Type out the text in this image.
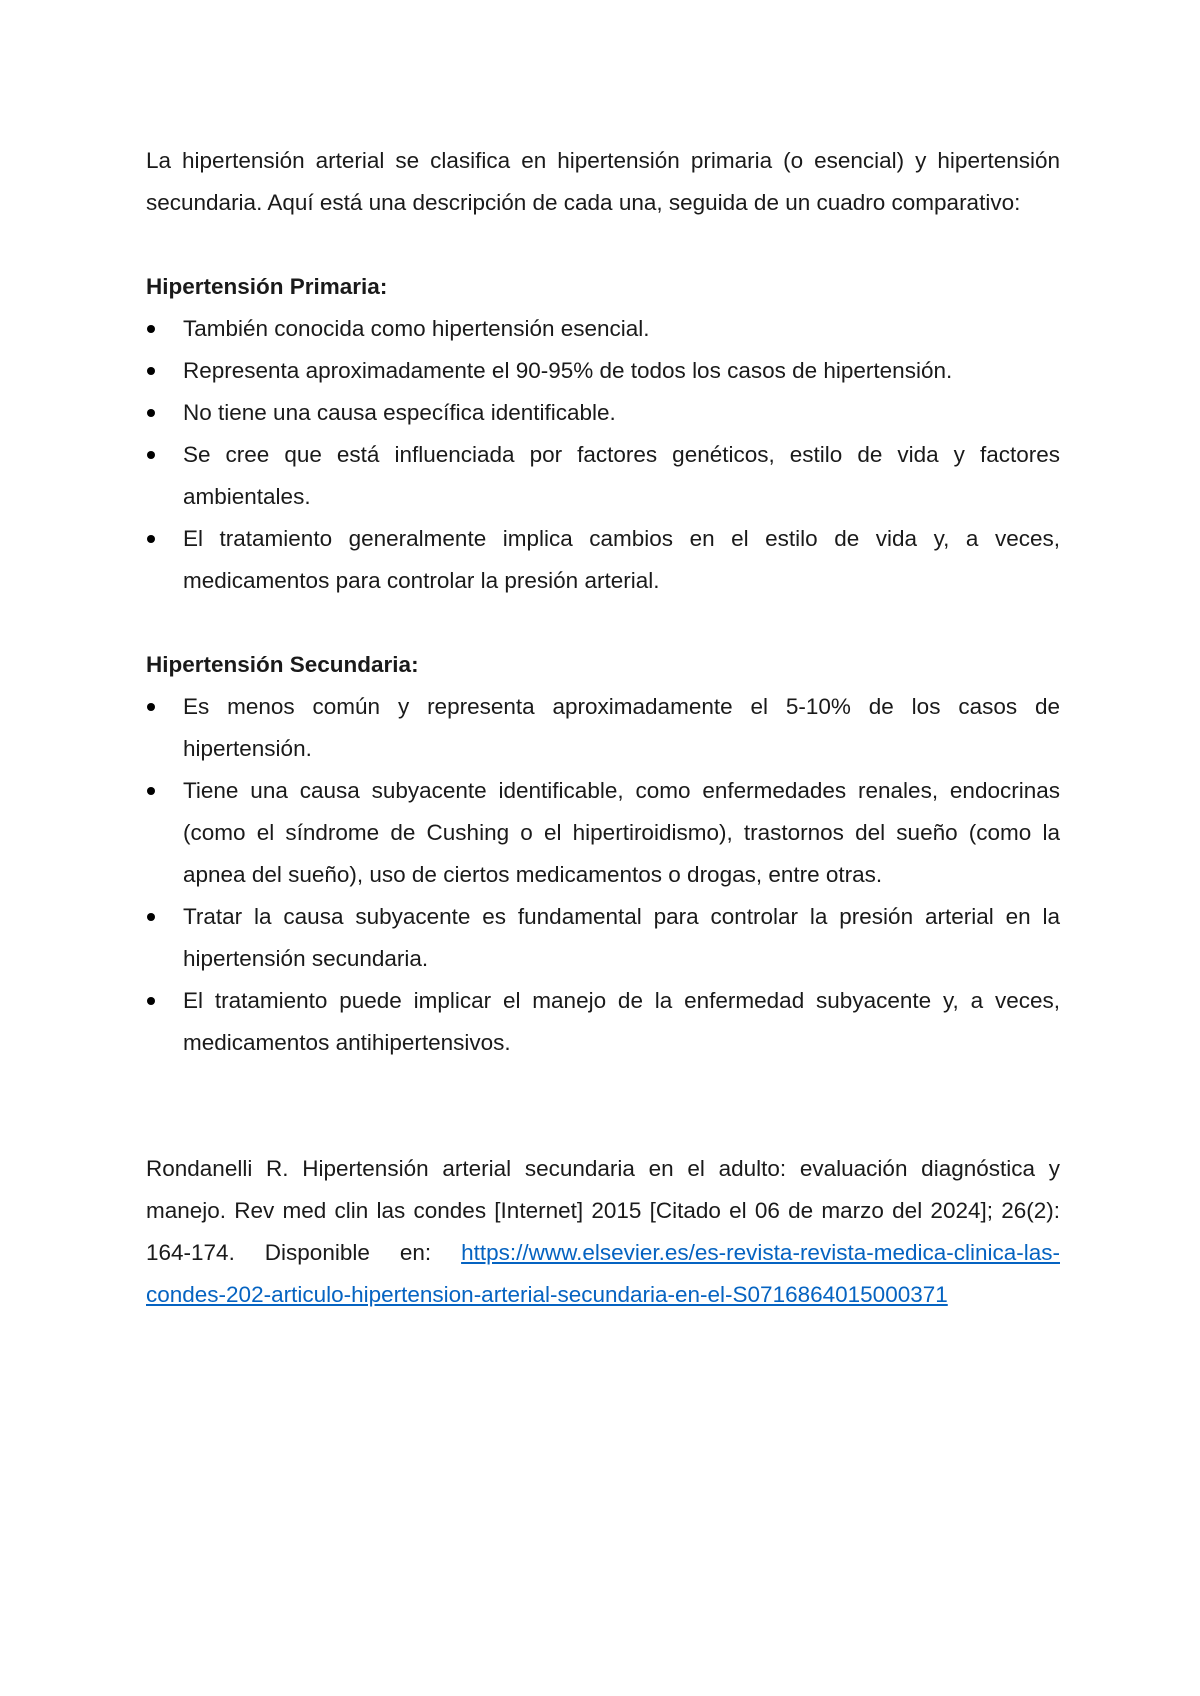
La hipertensión arterial se clasifica en hipertensión primaria (o esencial) y hipertensión secundaria. Aquí está una descripción de cada una, seguida de un cuadro comparativo:

Hipertensión Primaria:

También conocida como hipertensión esencial.
Representa aproximadamente el 90-95% de todos los casos de hipertensión.
No tiene una causa específica identificable.
Se cree que está influenciada por factores genéticos, estilo de vida y factores ambientales.
El tratamiento generalmente implica cambios en el estilo de vida y, a veces, medicamentos para controlar la presión arterial.

Hipertensión Secundaria:

Es menos común y representa aproximadamente el 5-10% de los casos de hipertensión.
Tiene una causa subyacente identificable, como enfermedades renales, endocrinas (como el síndrome de Cushing o el hipertiroidismo), trastornos del sueño (como la apnea del sueño), uso de ciertos medicamentos o drogas, entre otras.
Tratar la causa subyacente es fundamental para controlar la presión arterial en la hipertensión secundaria.
El tratamiento puede implicar el manejo de la enfermedad subyacente y, a veces, medicamentos antihipertensivos.

Rondanelli R. Hipertensión arterial secundaria en el adulto: evaluación diagnóstica y manejo. Rev med clin las condes [Internet] 2015 [Citado el 06 de marzo del 2024]; 26(2): 164-174. Disponible en: https://www.elsevier.es/es-revista-revista-medica-clinica-las-condes-202-articulo-hipertension-arterial-secundaria-en-el-S0716864015000371
